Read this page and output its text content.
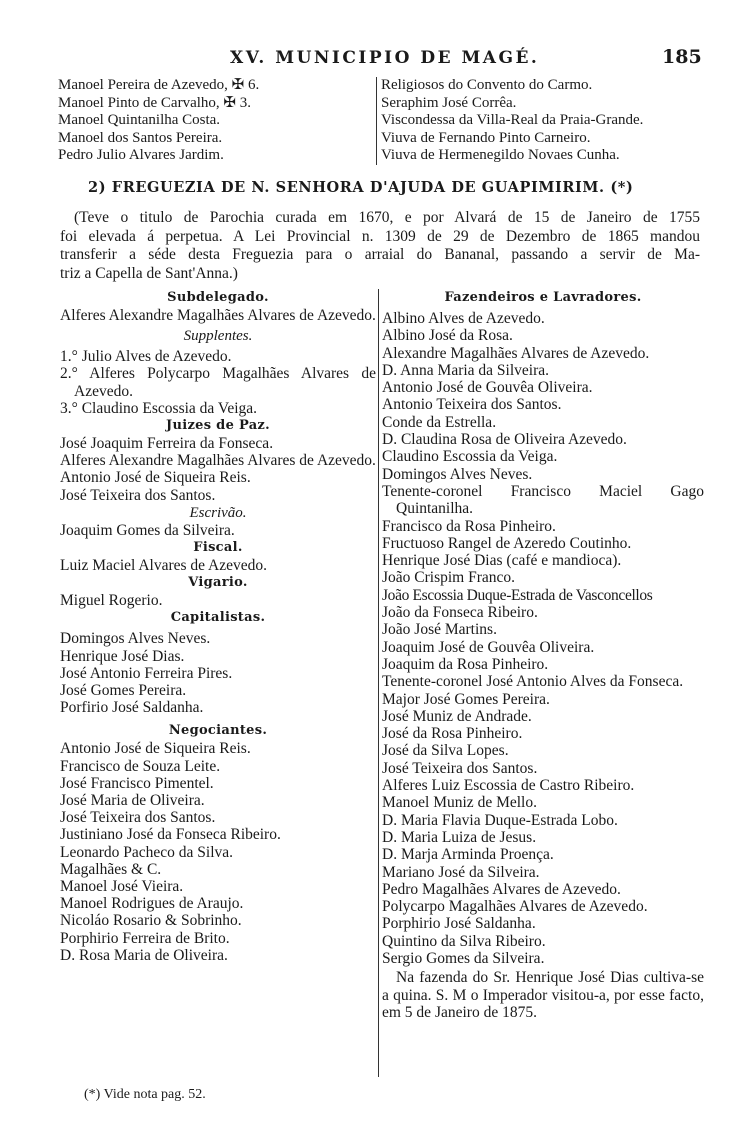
XV. MUNICIPIO DE MAGÉ.	185
Manoel Pereira de Azevedo, ✠ 6.
Manoel Pinto de Carvalho, ✠ 3.
Manoel Quintanilha Costa.
Manoel dos Santos Pereira.
Pedro Julio Alvares Jardim.
Religiosos do Convento do Carmo.
Seraphim José Corrêa.
Viscondessa da Villa-Real da Praia-Grande.
Viuva de Fernando Pinto Carneiro.
Viuva de Hermenegildo Novaes Cunha.
2) FREGUEZIA DE N. SENHORA D'AJUDA DE GUAPIMIRIM. (*)
(Teve o titulo de Parochia curada em 1670, e por Alvará de 15 de Janeiro de 1755
foi elevada á perpetua. A Lei Provincial n. 1309 de 29 de Dezembro de 1865 mandou
transferir a séde desta Freguezia para o arraial do Bananal, passando a servir de Ma-
triz a Capella de Sant'Anna.)
Subdelegado.
Alferes Alexandre Magalhães Alvares de Azevedo.
Supplentes.
1.° Julio Alves de Azevedo.
2.° Alferes Polycarpo Magalhães Alvares de Azevedo.
3.° Claudino Escossia da Veiga.
Juizes de Paz.
José Joaquim Ferreira da Fonseca.
Alferes Alexandre Magalhães Alvares de Azevedo.
Antonio José de Siqueira Reis.
José Teixeira dos Santos.
Escrivão.
Joaquim Gomes da Silveira.
Fiscal.
Luiz Maciel Alvares de Azevedo.
Vigario.
Miguel Rogerio.
Capitalistas.
Domingos Alves Neves.
Henrique José Dias.
José Antonio Ferreira Pires.
José Gomes Pereira.
Porfirio José Saldanha.
Negociantes.
Antonio José de Siqueira Reis.
Francisco de Souza Leite.
José Francisco Pimentel.
José Maria de Oliveira.
José Teixeira dos Santos.
Justiniano José da Fonseca Ribeiro.
Leonardo Pacheco da Silva.
Magalhães & C.
Manoel José Vieira.
Manoel Rodrigues de Araujo.
Nicoláo Rosario & Sobrinho.
Porphirio Ferreira de Brito.
D. Rosa Maria de Oliveira.
Fazendeiros e Lavradores.
Albino Alves de Azevedo.
Albino José da Rosa.
Alexandre Magalhães Alvares de Azevedo.
D. Anna Maria da Silveira.
Antonio José de Gouvêa Oliveira.
Antonio Teixeira dos Santos.
Conde da Estrella.
D. Claudina Rosa de Oliveira Azevedo.
Claudino Escossia da Veiga.
Domingos Alves Neves.
Tenente-coronel Francisco Maciel Gago Quintanilha.
Francisco da Rosa Pinheiro.
Fructuoso Rangel de Azeredo Coutinho.
Henrique José Dias (café e mandioca).
João Crispim Franco.
João Escossia Duque-Estrada de Vasconcellos
João da Fonseca Ribeiro.
João José Martins.
Joaquim José de Gouvêa Oliveira.
Joaquim da Rosa Pinheiro.
Tenente-coronel José Antonio Alves da Fonseca.
Major José Gomes Pereira.
José Muniz de Andrade.
José da Rosa Pinheiro.
José da Silva Lopes.
José Teixeira dos Santos.
Alferes Luiz Escossia de Castro Ribeiro.
Manoel Muniz de Mello.
D. Maria Flavia Duque-Estrada Lobo.
D. Maria Luiza de Jesus.
D. Marja Arminda Proença.
Mariano José da Silveira.
Pedro Magalhães Alvares de Azevedo.
Polycarpo Magalhães Alvares de Azevedo.
Porphirio José Saldanha.
Quintino da Silva Ribeiro.
Sergio Gomes da Silveira.
Na fazenda do Sr. Henrique José Dias cultiva-se a quina. S. M o Imperador visitou-a, por esse facto, em 5 de Janeiro de 1875.
(*) Vide nota pag. 52.
